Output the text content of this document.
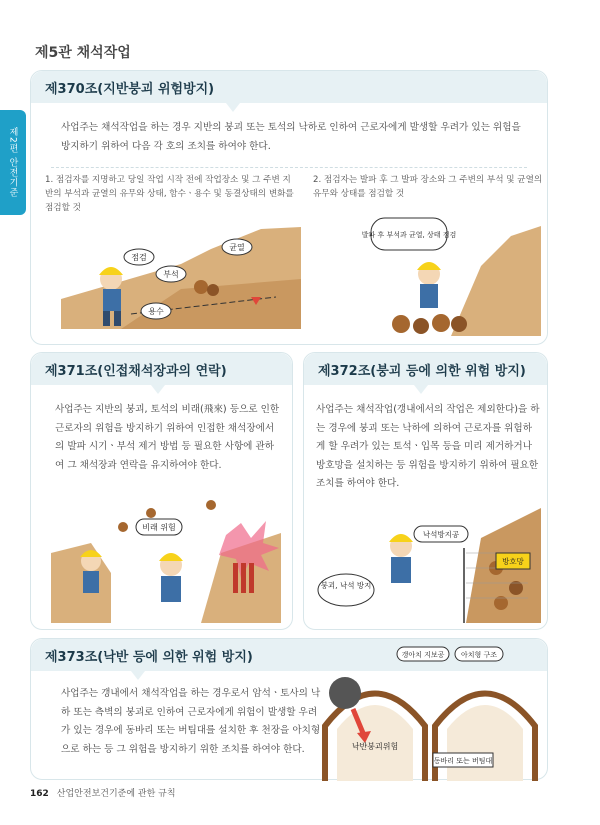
제5관 채석작업
제2편 안전기준
제370조(지반붕괴 위험방지)
사업주는 채석작업을 하는 경우 지반의 붕괴 또는 토석의 낙하로 인하여 근로자에게 발생할 우려가 있는 위험을 방지하기 위하여 다음 각 호의 조치를 하여야 한다.
1. 점검자를 지명하고 당일 작업 시작 전에 작업장소 및 그 주변 지반의 부석과 균열의 유무와 상태, 함수ㆍ용수 및 동결상태의 변화를 점검할 것
2. 점검자는 발파 후 그 발파 장소와 그 주변의 부석 및 균열의 유무와 상태를 점검할 것
점검
부석
균열
용수
발파 후 부석과 균열, 상태 점검
제371조(인접채석장과의 연락)
사업주는 지반의 붕괴, 토석의 비래(飛來) 등으로 인한 근로자의 위험을 방지하기 위하여 인접한 채석장에서의 발파 시기ㆍ부석 제거 방법 등 필요한 사항에 관하여 그 채석장과 연락을 유지하여야 한다.
비래 위험
제372조(붕괴 등에 의한 위험 방지)
사업주는 채석작업(갱내에서의 작업은 제외한다)을 하는 경우에 붕괴 또는 낙하에 의하여 근로자를 위험하게 할 우려가 있는 토석ㆍ입목 등을 미리 제거하거나 방호망을 설치하는 등 위험을 방지하기 위하여 필요한 조치를 하여야 한다.
낙석방지공
방호망
붕괴, 낙석 방지
제373조(낙반 등에 의한 위험 방지)
사업주는 갱내에서 채석작업을 하는 경우로서 암석ㆍ토사의 낙하 또는 측벽의 붕괴로 인하여 근로자에게 위험이 발생할 우려가 있는 경우에 동바리 또는 버팀대를 설치한 후 천장을 아치형으로 하는 등 그 위험을 방지하기 위한 조치를 하여야 한다.
갱아치 지보공 아치형 구조
낙반붕괴위험
동바리 또는 버팀대
162 산업안전보건기준에 관한 규칙
